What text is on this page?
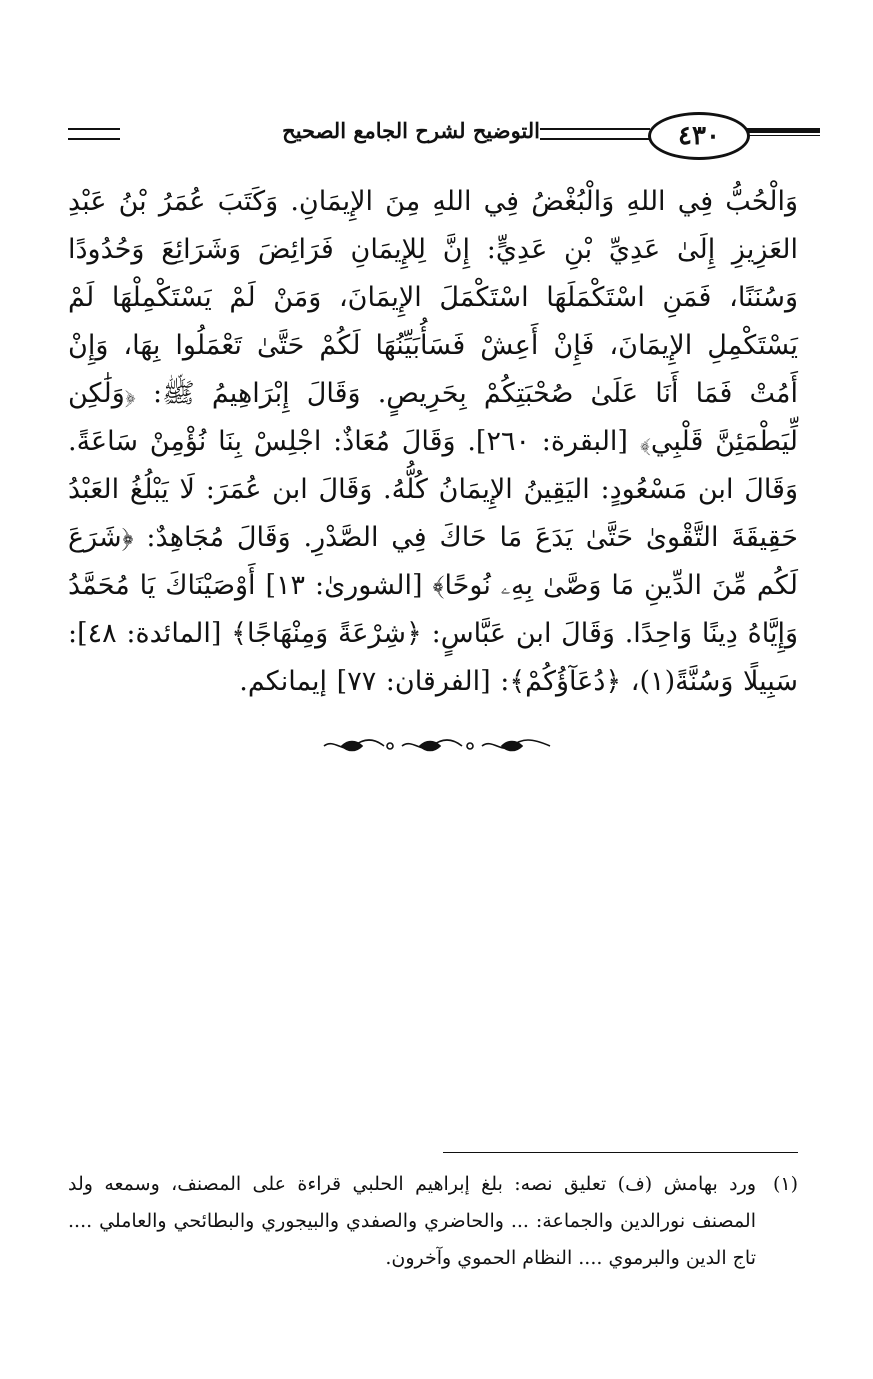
٤٣٠
التوضيح لشرح الجامع الصحيح

وَالْحُبُّ فِي اللهِ وَالْبُغْضُ فِي اللهِ مِنَ الإِيمَانِ. وَكَتَبَ عُمَرُ بْنُ عَبْدِ العَزِيزِ إِلَىٰ عَدِيِّ بْنِ عَدِيٍّ: إِنَّ لِلإِيمَانِ فَرَائِضَ وَشَرَائِعَ وَحُدُودًا وَسُنَنًا، فَمَنِ اسْتَكْمَلَهَا اسْتَكْمَلَ الإِيمَانَ، وَمَنْ لَمْ يَسْتَكْمِلْهَا لَمْ يَسْتَكْمِلِ الإِيمَانَ، فَإِنْ أَعِشْ فَسَأُبَيِّنُهَا لَكُمْ حَتَّىٰ تَعْمَلُوا بِهَا، وَإِنْ أَمُتْ فَمَا أَنَا عَلَىٰ صُحْبَتِكُمْ بِحَرِيصٍ. وَقَالَ إِبْرَاهِيمُ ﷺ: ﴿وَلَٰكِن لِّيَطْمَئِنَّ قَلْبِي﴾ [البقرة: ٢٦٠]. وَقَالَ مُعَاذٌ: اجْلِسْ بِنَا نُؤْمِنْ سَاعَةً. وَقَالَ ابن مَسْعُودٍ: اليَقِينُ الإِيمَانُ كُلُّهُ. وَقَالَ ابن عُمَرَ: لَا يَبْلُغُ العَبْدُ حَقِيقَةَ التَّقْوىٰ حَتَّىٰ يَدَعَ مَا حَاكَ فِي الصَّدْرِ. وَقَالَ مُجَاهِدٌ: ﴿شَرَعَ لَكُم مِّنَ الدِّينِ مَا وَصَّىٰ بِهِۦ نُوحًا﴾ [الشورىٰ: ١٣] أَوْصَيْنَاكَ يَا مُحَمَّدُ وَإِيَّاهُ دِينًا وَاحِدًا. وَقَالَ ابن عَبَّاسٍ: ﴿شِرْعَةً وَمِنْهَاجًا﴾ [المائدة: ٤٨]: سَبِيلًا وَسُنَّةً(١)، ﴿دُعَآؤُكُمْ﴾: [الفرقان: ٧٧] إيمانكم.

(١)
ورد بهامش (ف) تعليق نصه: بلغ إبراهيم الحلبي قراءة على المصنف، وسمعه ولد المصنف نورالدين والجماعة: ... والحاضري والصفدي والبيجوري والبطائحي والعاملي .... تاج الدين والبرموي .... النظام الحموي وآخرون.
